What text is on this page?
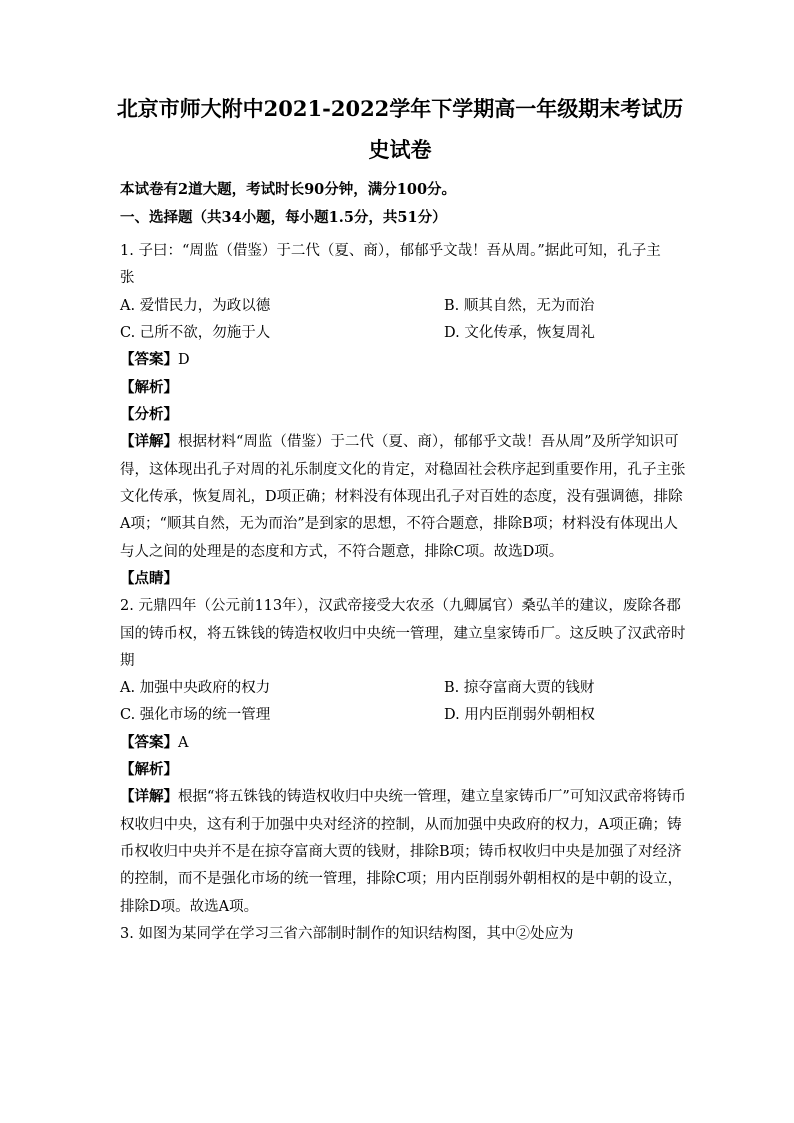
北京市师大附中2021-2022学年下学期高一年级期末考试历
史试卷
本试卷有2道大题，考试时长90分钟，满分100分。
一、选择题（共34小题，每小题1.5分，共51分）
1. 子曰：“周监（借鉴）于二代（夏、商），郁郁乎文哉！吾从周。”据此可知，孔子主
张
A. 爱惜民力，为政以德	B. 顺其自然，无为而治
C. 己所不欲，勿施于人	D. 文化传承，恢复周礼
【答案】D
【解析】
【分析】
【详解】根据材料“周监（借鉴）于二代（夏、商），郁郁乎文哉！吾从周”及所学知识可
得，这体现出孔子对周的礼乐制度文化的肯定，对稳固社会秩序起到重要作用，孔子主张
文化传承，恢复周礼，D项正确；材料没有体现出孔子对百姓的态度，没有强调德，排除
A项；“顺其自然，无为而治”是到家的思想，不符合题意，排除B项；材料没有体现出人
与人之间的处理是的态度和方式，不符合题意，排除C项。故选D项。
【点睛】
2. 元鼎四年（公元前113年），汉武帝接受大农丞（九卿属官）桑弘羊的建议，废除各郡
国的铸币权，将五铢钱的铸造权收归中央统一管理，建立皇家铸币厂。这反映了汉武帝时
期
A. 加强中央政府的权力	B. 掠夺富商大贾的钱财
C. 强化市场的统一管理	D. 用内臣削弱外朝相权
【答案】A
【解析】
【详解】根据“将五铢钱的铸造权收归中央统一管理，建立皇家铸币厂”可知汉武帝将铸币
权收归中央，这有利于加强中央对经济的控制，从而加强中央政府的权力，A项正确；铸
币权收归中央并不是在掠夺富商大贾的钱财，排除B项；铸币权收归中央是加强了对经济
的控制，而不是强化市场的统一管理，排除C项；用内臣削弱外朝相权的是中朝的设立，
排除D项。故选A项。
3. 如图为某同学在学习三省六部制时制作的知识结构图，其中②处应为
